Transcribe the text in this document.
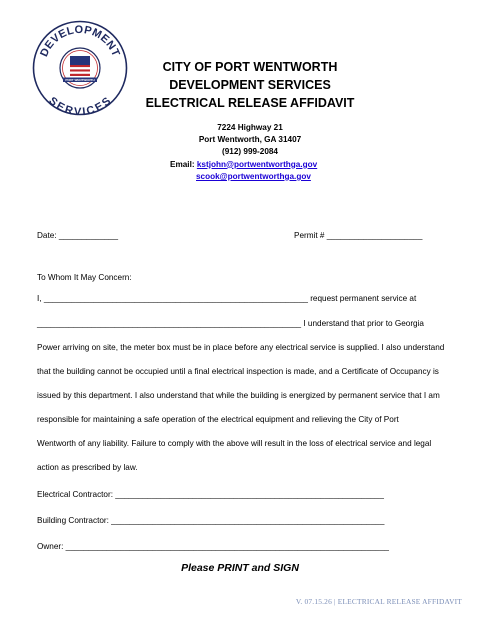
DEVELOPMENT
SERVICES
PORT WENTWORTH
CITY OF PORT WENTWORTH
DEVELOPMENT SERVICES
ELECTRICAL RELEASE AFFIDAVIT
7224 Highway 21
Port Wentworth, GA 31407
(912) 999-2084
Email: kstjohn@portwentworthga.gov
scook@portwentworthga.gov
Date: _____________	Permit # _____________________
To Whom It May Concern:
I, __________________________________________________________ request permanent service at
__________________________________________________________ I understand that prior to Georgia
Power arriving on site, the meter box must be in place before any electrical service is supplied. I also understand
that the building cannot be occupied until a final electrical inspection is made, and a Certificate of Occupancy is
issued by this department. I also understand that while the building is energized by permanent service that I am
responsible for maintaining a safe operation of the electrical equipment and relieving the City of Port
Wentworth of any liability. Failure to comply with the above will result in the loss of electrical service and legal
action as prescribed by law.
Electrical Contractor: ___________________________________________________________
Building Contractor: ____________________________________________________________
Owner: _______________________________________________________________________
Please PRINT and SIGN
V. 07.15.26 | ELECTRICAL RELEASE AFFIDAVIT
